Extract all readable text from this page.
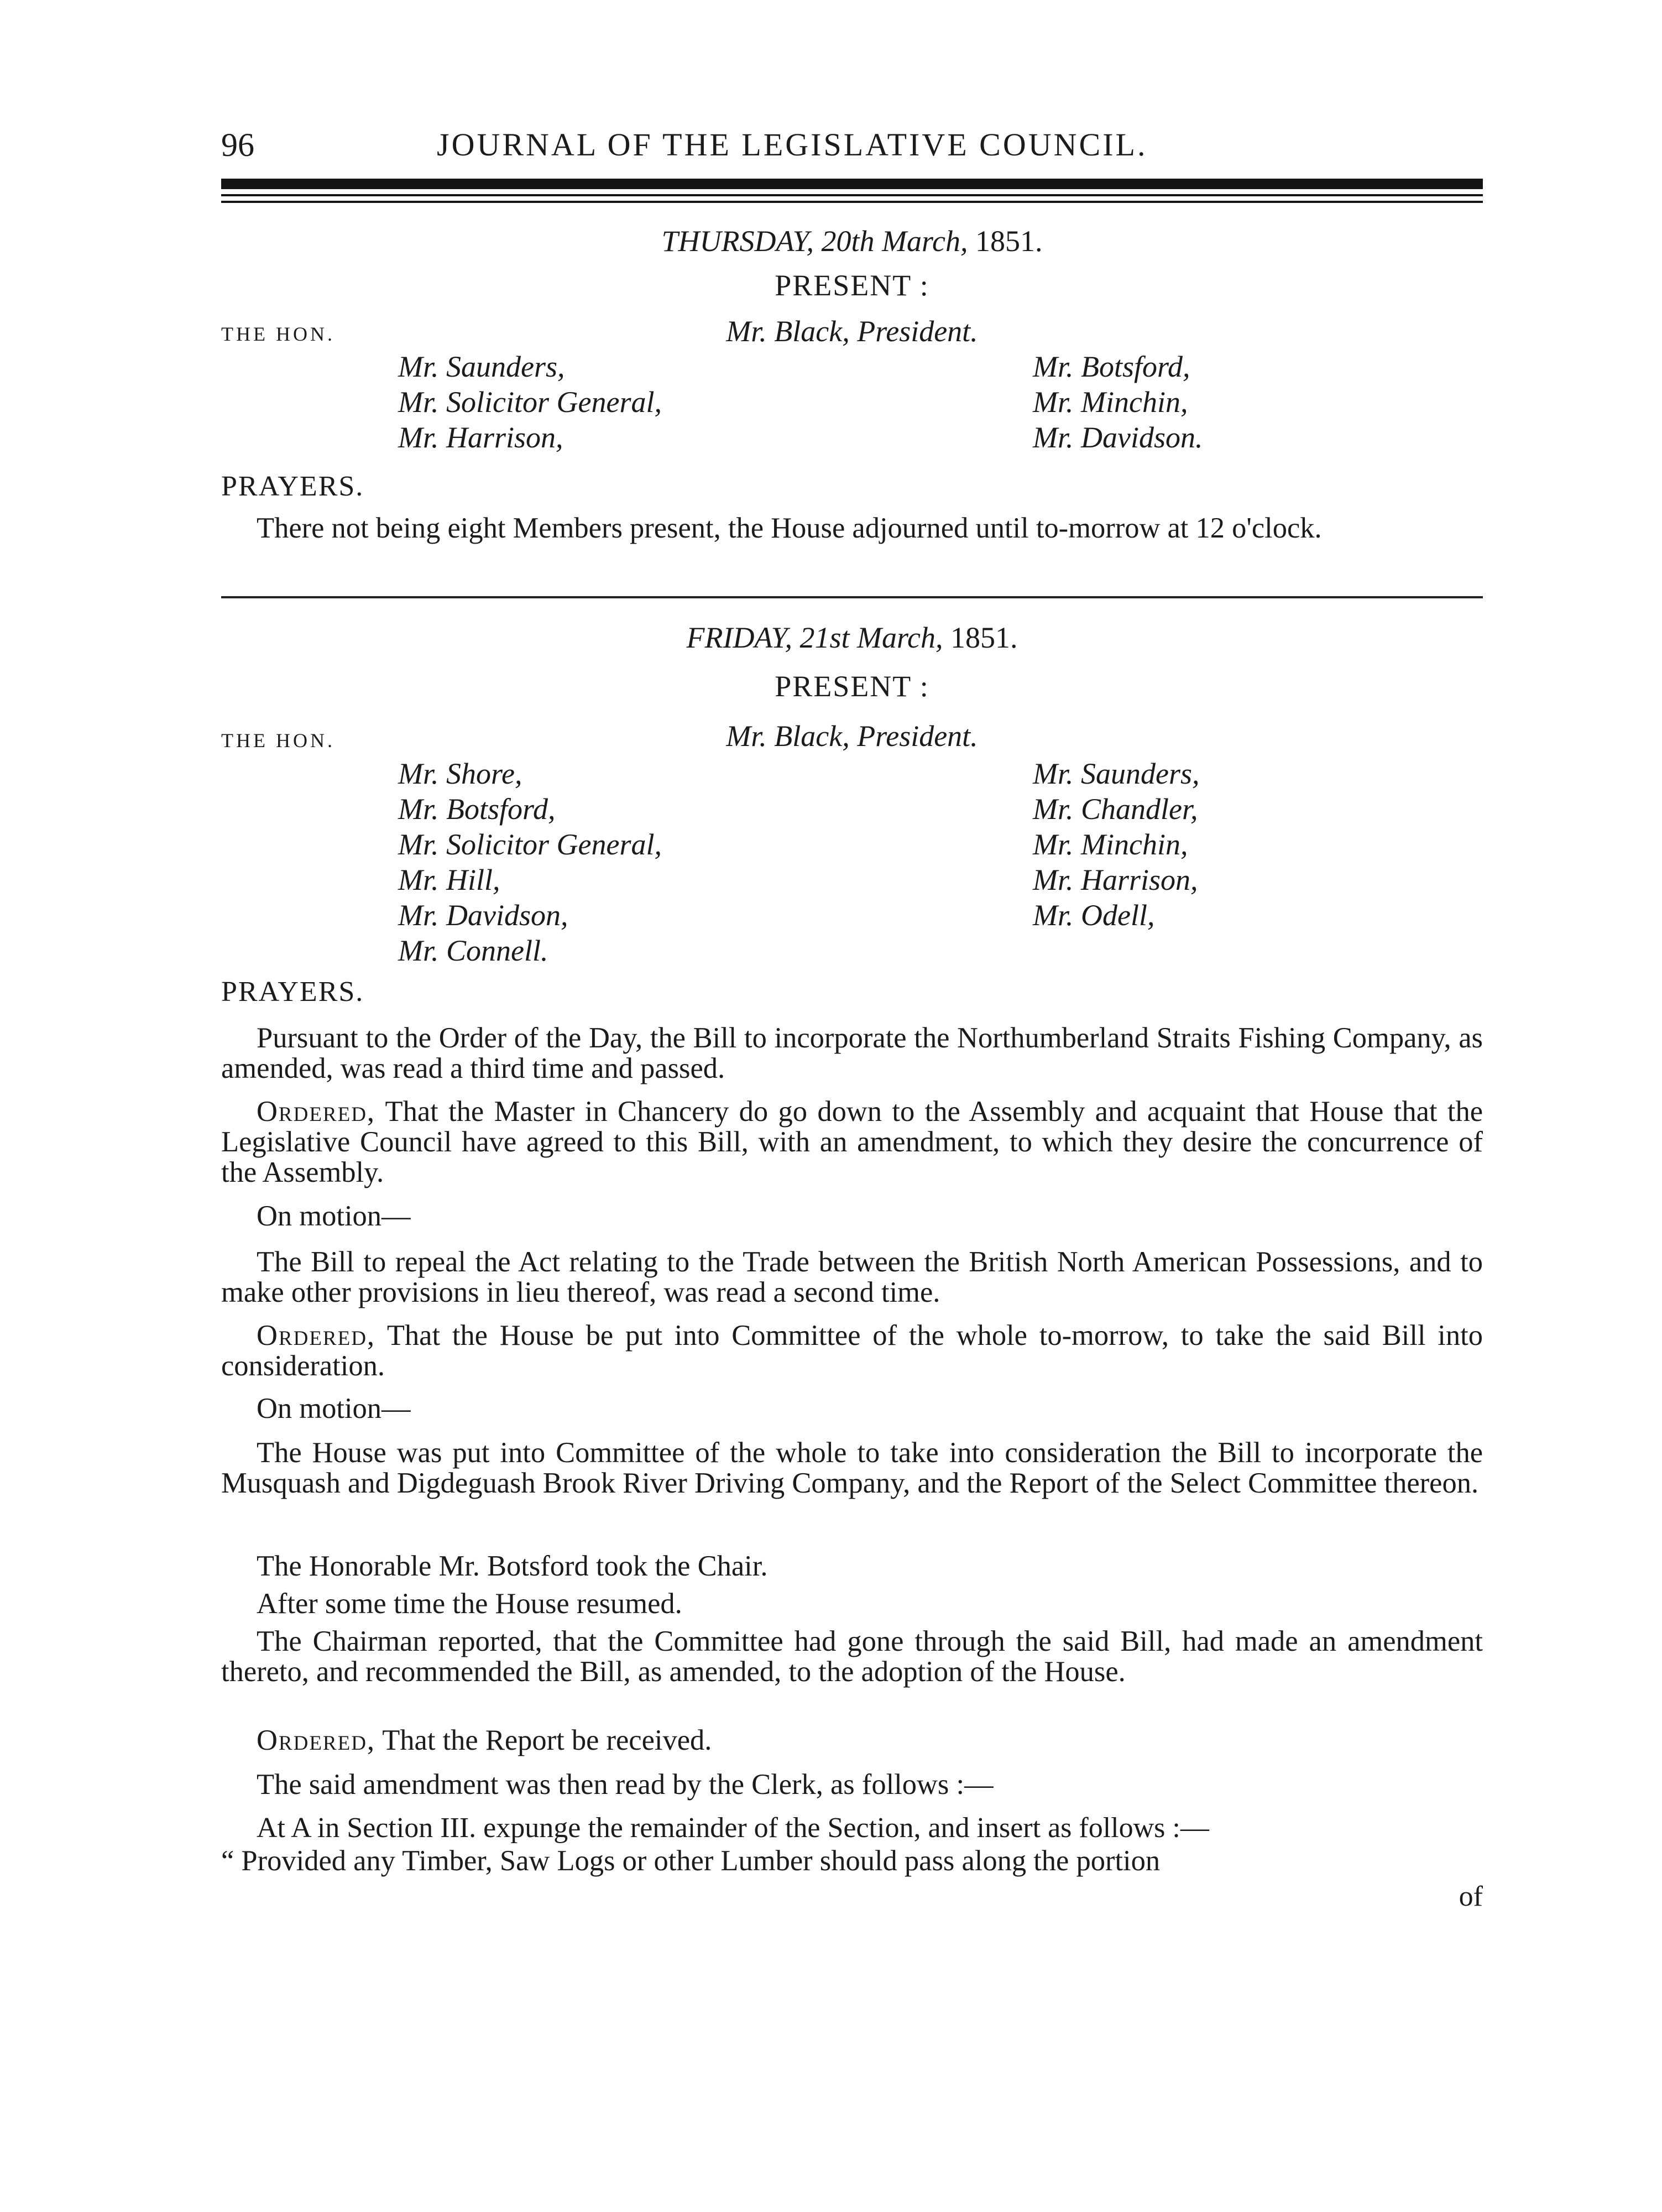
96	JOURNAL OF THE LEGISLATIVE COUNCIL.
THURSDAY, 20th March, 1851.
PRESENT :
THE HON.	Mr. Black, President.
Mr. Saunders,
Mr. Solicitor General,
Mr. Harrison,
Mr. Botsford,
Mr. Minchin,
Mr. Davidson.
PRAYERS.
There not being eight Members present, the House adjourned until to-morrow at 12 o'clock.
FRIDAY, 21st March, 1851.
PRESENT :
THE HON.	Mr. Black, President.
Mr. Shore,
Mr. Botsford,
Mr. Solicitor General,
Mr. Hill,
Mr. Davidson,
Mr. Connell.
Mr. Saunders,
Mr. Chandler,
Mr. Minchin,
Mr. Harrison,
Mr. Odell,
PRAYERS.
Pursuant to the Order of the Day, the Bill to incorporate the Northumberland Straits Fishing Company, as amended, was read a third time and passed.
Ordered, That the Master in Chancery do go down to the Assembly and acquaint that House that the Legislative Council have agreed to this Bill, with an amendment, to which they desire the concurrence of the Assembly.
On motion—
The Bill to repeal the Act relating to the Trade between the British North American Possessions, and to make other provisions in lieu thereof, was read a second time.
Ordered, That the House be put into Committee of the whole to-morrow, to take the said Bill into consideration.
On motion—
The House was put into Committee of the whole to take into consideration the Bill to incorporate the Musquash and Digdeguash Brook River Driving Company, and the Report of the Select Committee thereon.
The Honorable Mr. Botsford took the Chair.
After some time the House resumed.
The Chairman reported, that the Committee had gone through the said Bill, had made an amendment thereto, and recommended the Bill, as amended, to the adoption of the House.
Ordered, That the Report be received.
The said amendment was then read by the Clerk, as follows :—
At A in Section III. expunge the remainder of the Section, and insert as follows :—
“ Provided any Timber, Saw Logs or other Lumber should pass along the portion
of
